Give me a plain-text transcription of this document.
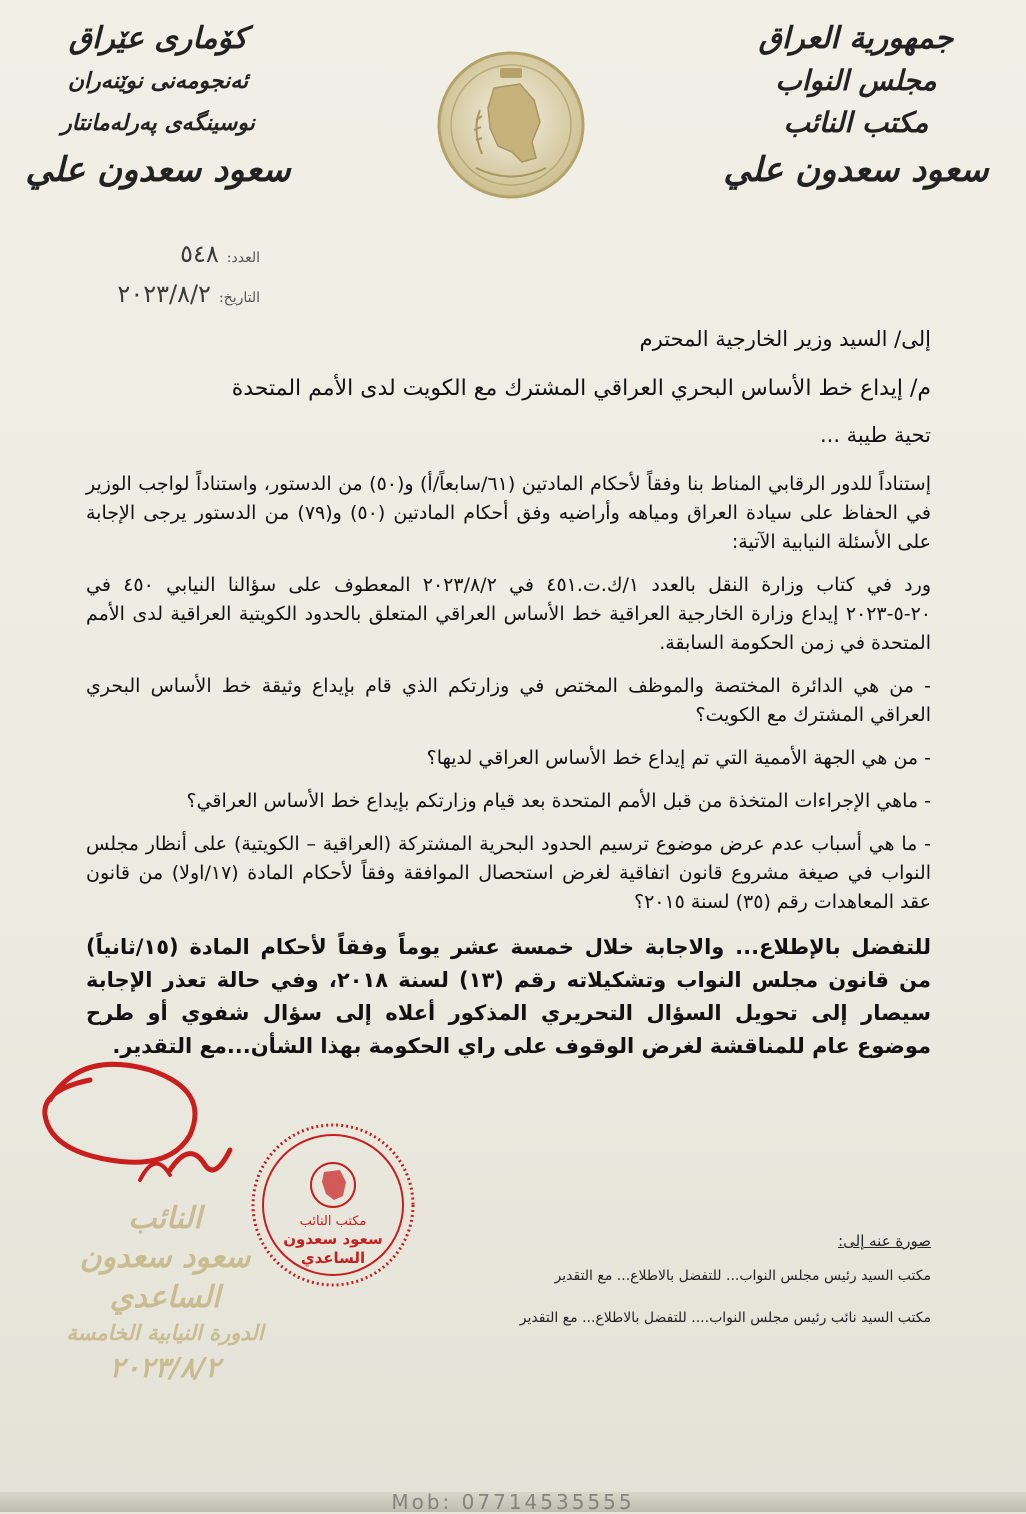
جمهورية العراق
مجلس النواب
مكتب النائب
سعود سعدون علي
كۆماری عێراق
ئەنجومەنی نوێنەران
نوسینگەی پەرلەمانتار
سعود سعدون علي
العدد:
٥٤٨
التاريخ:
٢٠٢٣/٨/٢

إلى/ السيد وزير الخارجية المحترم

م/ إيداع خط الأساس البحري العراقي المشترك مع الكويت لدى الأمم المتحدة

تحية طيبة ...

إستناداً للدور الرقابي المناط بنا وفقاً لأحكام المادتين (٦١/سابعاً/أ) و(٥٠) من الدستور، واستناداً لواجب الوزير في الحفاظ على سيادة العراق ومياهه وأراضيه وفق أحكام المادتين (٥٠) و(٧٩) من الدستور يرجى الإجابة على الأسئلة النيابية الآتية:

ورد في كتاب وزارة النقل بالعدد ١/ك.ت.٤٥١ في ٢٠٢٣/٨/٢ المعطوف على سؤالنا النيابي ٤٥٠ في ٢٠-٥-٢٠٢٣ إيداع وزارة الخارجية العراقية خط الأساس العراقي المتعلق بالحدود الكويتية العراقية لدى الأمم المتحدة في زمن الحكومة السابقة.

- من هي الدائرة المختصة والموظف المختص في وزارتكم الذي قام بإيداع وثيقة خط الأساس البحري العراقي المشترك مع الكويت؟

- من هي الجهة الأممية التي تم إيداع خط الأساس العراقي لديها؟

- ماهي الإجراءات المتخذة من قبل الأمم المتحدة بعد قيام وزارتكم بإيداع خط الأساس العراقي؟

- ما هي أسباب عدم عرض موضوع ترسيم الحدود البحرية المشتركة (العراقية – الكويتية) على أنظار مجلس النواب في صيغة مشروع قانون اتفاقية لغرض استحصال الموافقة وفقاً لأحكام المادة (١٧/اولا) من قانون عقد المعاهدات رقم (٣٥) لسنة ٢٠١٥؟

للتفضل بالإطلاع... والاجابة خلال خمسة عشر يوماً وفقاً لأحكام المادة (١٥/ثانياً) من قانون مجلس النواب وتشكيلاته رقم (١٣) لسنة ٢٠١٨، وفي حالة تعذر الإجابة سيصار إلى تحويل السؤال التحريري المذكور أعلاه إلى سؤال شفوي أو طرح موضوع عام للمناقشة لغرض الوقوف على راي الحكومة بهذا الشأن...مع التقدير.

النائب
سعود سعدون الساعدي
الدورة النيابية الخامسة
٢٠٢٣/٨/٢
مكتب النائب
سعود سعدون
الساعدي
صورة عنه إلى:
مكتب السيد رئيس مجلس النواب... للتفضل بالاطلاع... مع التقدير
مكتب السيد نائب رئيس مجلس النواب.... للتفضل بالاطلاع... مع التقدير
Mob: 07714535555
